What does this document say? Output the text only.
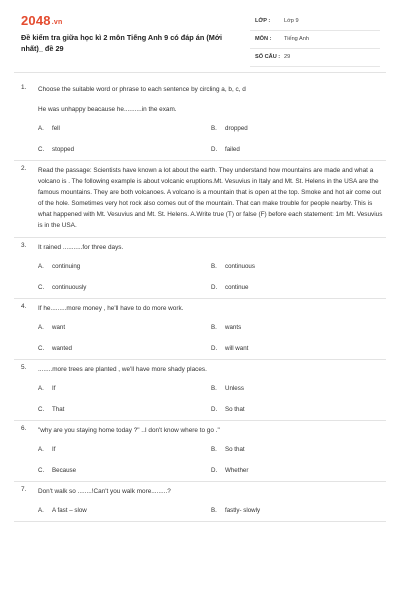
2048.vn
Đề kiểm tra giữa học kì 2 môn Tiếng Anh 9 có đáp án (Mới nhất)_ đề 29
LỚP : Lớp 9
MÔN : Tiếng Anh
SỐ CÂU : 29
1. Choose the suitable word or phrase to each sentence by circling a, b, c, d
He was unhappy beacause he..........in the exam.
A. fell	B. dropped
C. stopped	D. failed
2. Read the passage: Scientists have known a lot about the earth. They understand how mountains are made and what a volcano is . The following example is about volcanic eruptions.Mt. Vesuvius in Italy and Mt. St. Helens in the USA are the famous mountains. They are both volcanoes. A volcano is a mountain that is open at the top. Smoke and hot air come out of the hole. Sometimes very hot rock also comes out of the mountain. That can make trouble for people nearby. This is what happened with Mt. Vesuvius and Mt. St. Helens. A.Write true (T) or false (F) before each statement: 1m Mt. Vesuvius is in the USA.
3. It rained ...........for three days.
A. continuing	B. continuous
C. continuously	D. continue
4. If he.........more money , he'll have to do more work.
A. want	B. wants
C. wanted	D. will want
5. ........more trees are planted , we'll have more shady places.
A. If	B. Unless
C. That	D. So that
6. "why are you staying home today ?" ..I don't know where to go ."
A. If	B. So that
C. Because	D. Whether
7. Don't walk so ........!Can't you walk more.........?
A. A fast – slow	B. fastly- slowly
